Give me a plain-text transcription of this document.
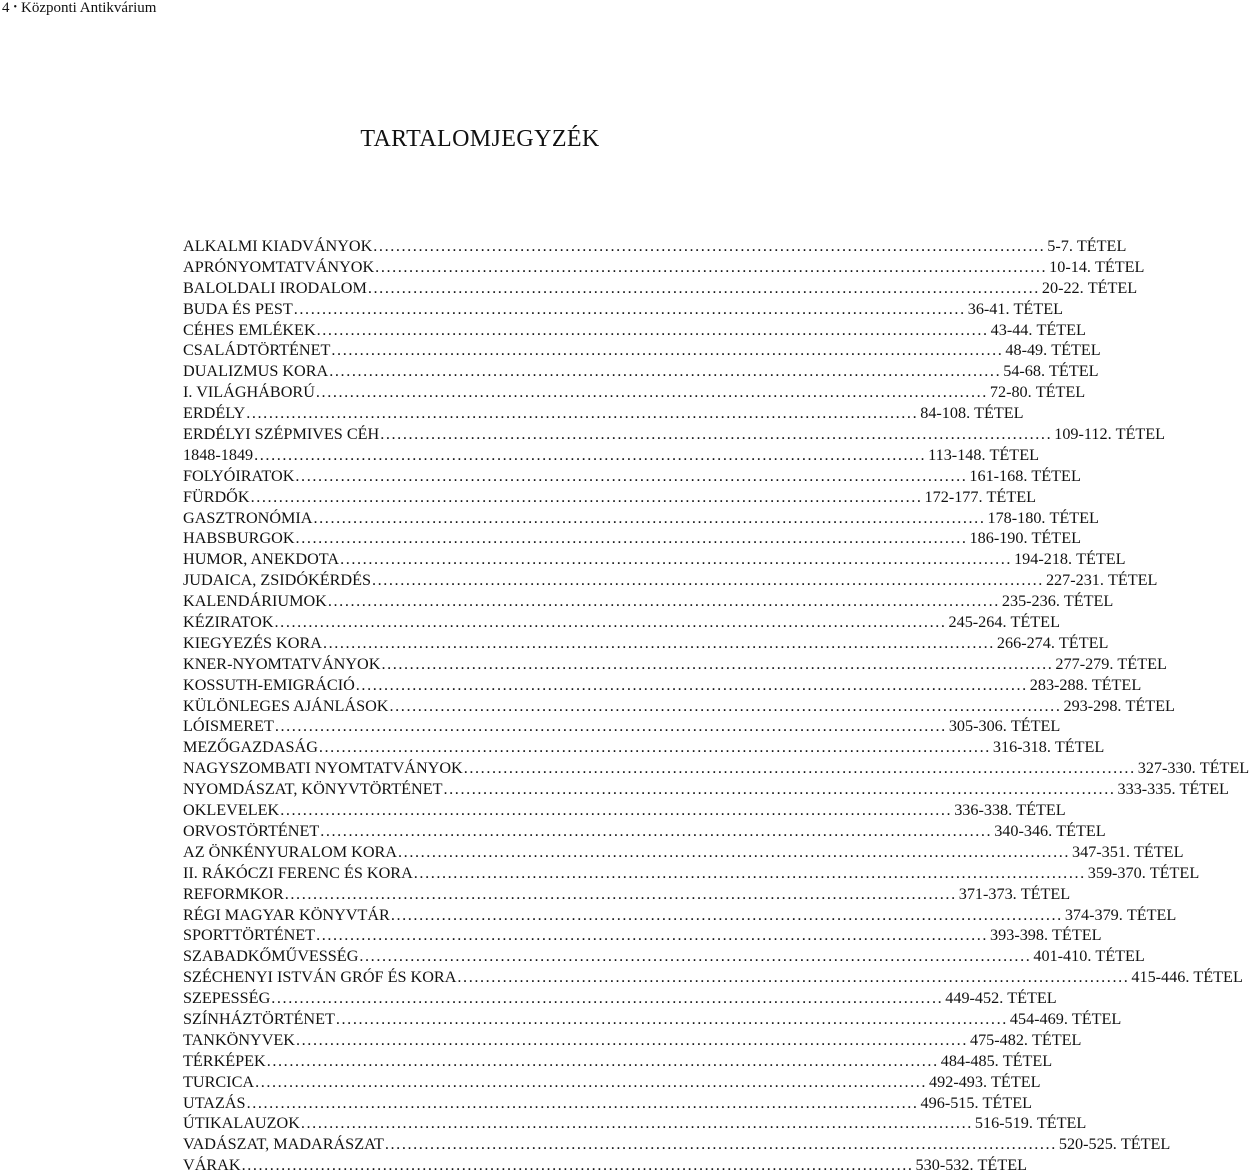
4 • Központi Antikvárium
TARTALOMJEGYZÉK
ALKALMI KIADVÁNYOK ....................................................................................................................... 5-7. TÉTEL
APRÓNYOMTATVÁNYOK ....................................................................................................................... 10-14. TÉTEL
BALOLDALI IRODALOM ....................................................................................................................... 20-22. TÉTEL
BUDA ÉS PEST ....................................................................................................................... 36-41. TÉTEL
CÉHES EMLÉKEK ....................................................................................................................... 43-44. TÉTEL
CSALÁDTÖRTÉNET ....................................................................................................................... 48-49. TÉTEL
DUALIZMUS KORA ....................................................................................................................... 54-68. TÉTEL
I. VILÁGHÁBORÚ ....................................................................................................................... 72-80. TÉTEL
ERDÉLY ....................................................................................................................... 84-108. TÉTEL
ERDÉLYI SZÉPMIVES CÉH ....................................................................................................................... 109-112. TÉTEL
1848-1849 ....................................................................................................................... 113-148. TÉTEL
FOLYÓIRATOK ....................................................................................................................... 161-168. TÉTEL
FÜRDŐK ....................................................................................................................... 172-177. TÉTEL
GASZTRONÓMIA ....................................................................................................................... 178-180. TÉTEL
HABSBURGOK ....................................................................................................................... 186-190. TÉTEL
HUMOR, ANEKDOTA ....................................................................................................................... 194-218. TÉTEL
JUDAICA, ZSIDÓKÉRDÉS ....................................................................................................................... 227-231. TÉTEL
KALENDÁRIUMOK ....................................................................................................................... 235-236. TÉTEL
KÉZIRATOK ....................................................................................................................... 245-264. TÉTEL
KIEGYEZÉS KORA ....................................................................................................................... 266-274. TÉTEL
KNER-NYOMTATVÁNYOK ....................................................................................................................... 277-279. TÉTEL
KOSSUTH-EMIGRÁCIÓ ....................................................................................................................... 283-288. TÉTEL
KÜLÖNLEGES AJÁNLÁSOK ....................................................................................................................... 293-298. TÉTEL
LÓISMERET ....................................................................................................................... 305-306. TÉTEL
MEZŐGAZDASÁG ....................................................................................................................... 316-318. TÉTEL
NAGYSZOMBATI NYOMTATVÁNYOK ....................................................................................................................... 327-330. TÉTEL
NYOMDÁSZAT, KÖNYVTÖRTÉNET ....................................................................................................................... 333-335. TÉTEL
OKLEVELEK ....................................................................................................................... 336-338. TÉTEL
ORVOSTÖRTÉNET ....................................................................................................................... 340-346. TÉTEL
AZ ÖNKÉNYURALOM KORA ....................................................................................................................... 347-351. TÉTEL
II. RÁKÓCZI FERENC ÉS KORA ....................................................................................................................... 359-370. TÉTEL
REFORMKOR ....................................................................................................................... 371-373. TÉTEL
RÉGI MAGYAR KÖNYVTÁR ....................................................................................................................... 374-379. TÉTEL
SPORTTÖRTÉNET ....................................................................................................................... 393-398. TÉTEL
SZABADKŐMŰVESSÉG ....................................................................................................................... 401-410. TÉTEL
SZÉCHENYI ISTVÁN GRÓF ÉS KORA ....................................................................................................................... 415-446. TÉTEL
SZEPESSÉG ....................................................................................................................... 449-452. TÉTEL
SZÍNHÁZTÖRTÉNET ....................................................................................................................... 454-469. TÉTEL
TANKÖNYVEK ....................................................................................................................... 475-482. TÉTEL
TÉRKÉPEK ....................................................................................................................... 484-485. TÉTEL
TURCICA ....................................................................................................................... 492-493. TÉTEL
UTAZÁS ....................................................................................................................... 496-515. TÉTEL
ÚTIKALAUZOK ....................................................................................................................... 516-519. TÉTEL
VADÁSZAT, MADARÁSZAT ....................................................................................................................... 520-525. TÉTEL
VÁRAK ....................................................................................................................... 530-532. TÉTEL
